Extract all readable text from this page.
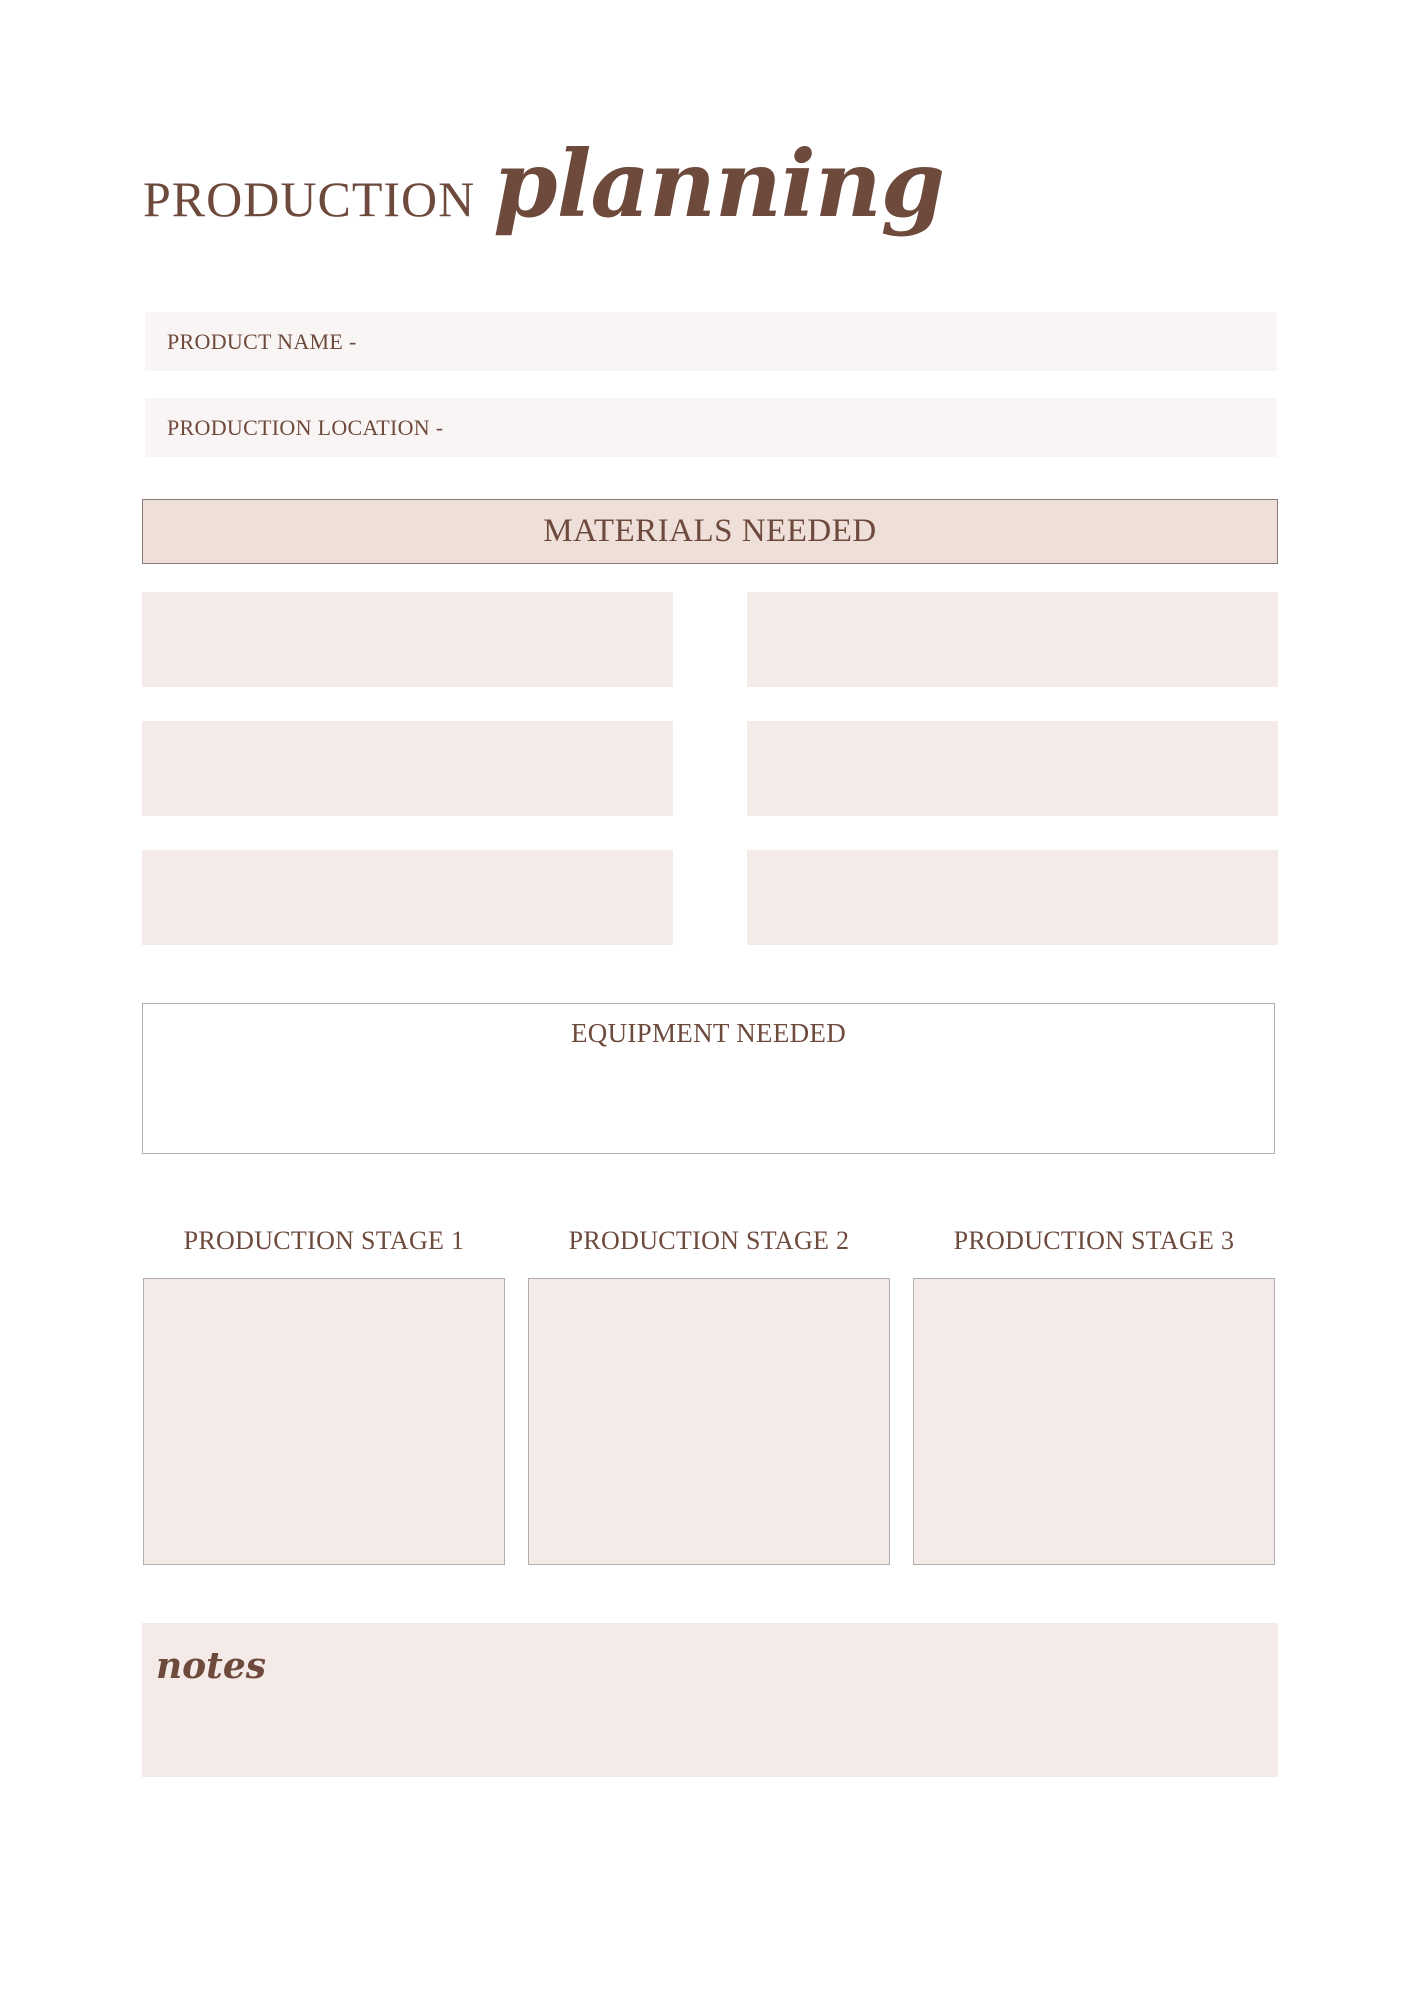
PRODUCTION planning
PRODUCT NAME -
PRODUCTION LOCATION -
MATERIALS NEEDED
EQUIPMENT NEEDED
PRODUCTION STAGE 1	PRODUCTION STAGE 2	PRODUCTION STAGE 3
notes
